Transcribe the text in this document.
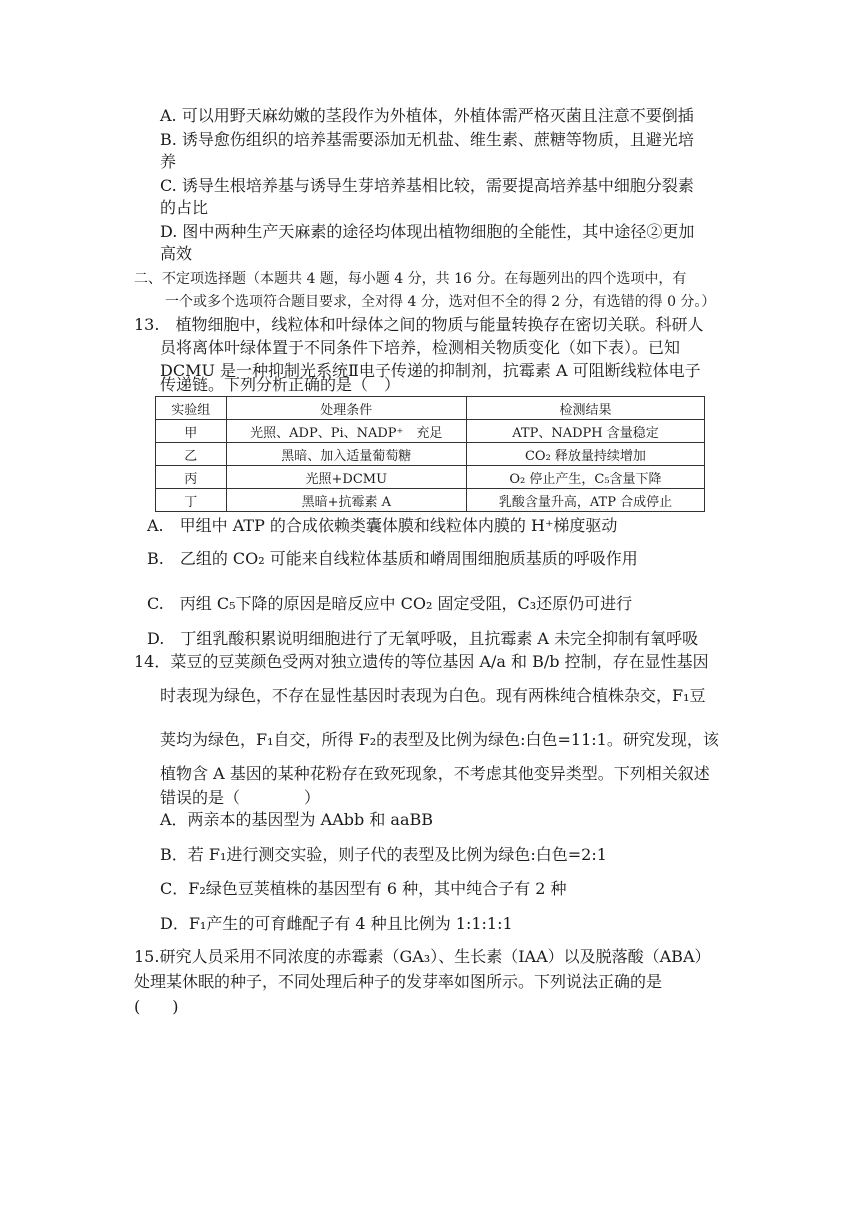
A. 可以用野天麻幼嫩的茎段作为外植体，外植体需严格灭菌且注意不要倒插
B. 诱导愈伤组织的培养基需要添加无机盐、维生素、蔗糖等物质，且避光培
养
C. 诱导生根培养基与诱导生芽培养基相比较，需要提高培养基中细胞分裂素
的占比
D. 图中两种生产天麻素的途径均体现出植物细胞的全能性，其中途径②更加
高效
二、不定项选择题（本题共 4 题，每小题 4 分，共 16 分。在每题列出的四个选项中，有
一个或多个选项符合题目要求，全对得 4 分，选对但不全的得 2 分，有选错的得 0 分。）
13.　植物细胞中，线粒体和叶绿体之间的物质与能量转换存在密切关联。科研人
员将离体叶绿体置于不同条件下培养，检测相关物质变化（如下表）。已知
DCMU 是一种抑制光系统Ⅱ电子传递的抑制剂，抗霉素 A 可阻断线粒体电子
传递链。下列分析正确的是（　）
实验组	处理条件	检测结果
甲	光照、ADP、Pi、NADP⁺　充足	ATP、NADPH 含量稳定
乙	黑暗、加入适量葡萄糖	CO₂ 释放量持续增加
丙	光照+DCMU	O₂ 停止产生，C₅含量下降
丁	黑暗+抗霉素 A	乳酸含量升高，ATP 合成停止
A.　甲组中 ATP 的合成依赖类囊体膜和线粒体内膜的 H⁺梯度驱动
B.　乙组的 CO₂ 可能来自线粒体基质和嵴周围细胞质基质的呼吸作用
C.　丙组 C₅下降的原因是暗反应中 CO₂ 固定受阻，C₃还原仍可进行
D.　丁组乳酸积累说明细胞进行了无氧呼吸，且抗霉素 A 未完全抑制有氧呼吸
14．菜豆的豆荚颜色受两对独立遗传的等位基因 A/a 和 B/b 控制，存在显性基因
时表现为绿色，不存在显性基因时表现为白色。现有两株纯合植株杂交，F₁豆
荚均为绿色，F₁自交，所得 F₂的表型及比例为绿色:白色=11:1。研究发现，该
植物含 A 基因的某种花粉存在致死现象，不考虑其他变异类型。下列相关叙述
错误的是（　　　　）
A．两亲本的基因型为 AAbb 和 aaBB
B．若 F₁进行测交实验，则子代的表型及比例为绿色:白色=2:1
C．F₂绿色豆荚植株的基因型有 6 种，其中纯合子有 2 种
D．F₁产生的可育雌配子有 4 种且比例为 1:1:1:1
15.研究人员采用不同浓度的赤霉素（GA₃）、生长素（IAA）以及脱落酸（ABA）
处理某休眠的种子，不同处理后种子的发芽率如图所示。下列说法正确的是
(　　)
